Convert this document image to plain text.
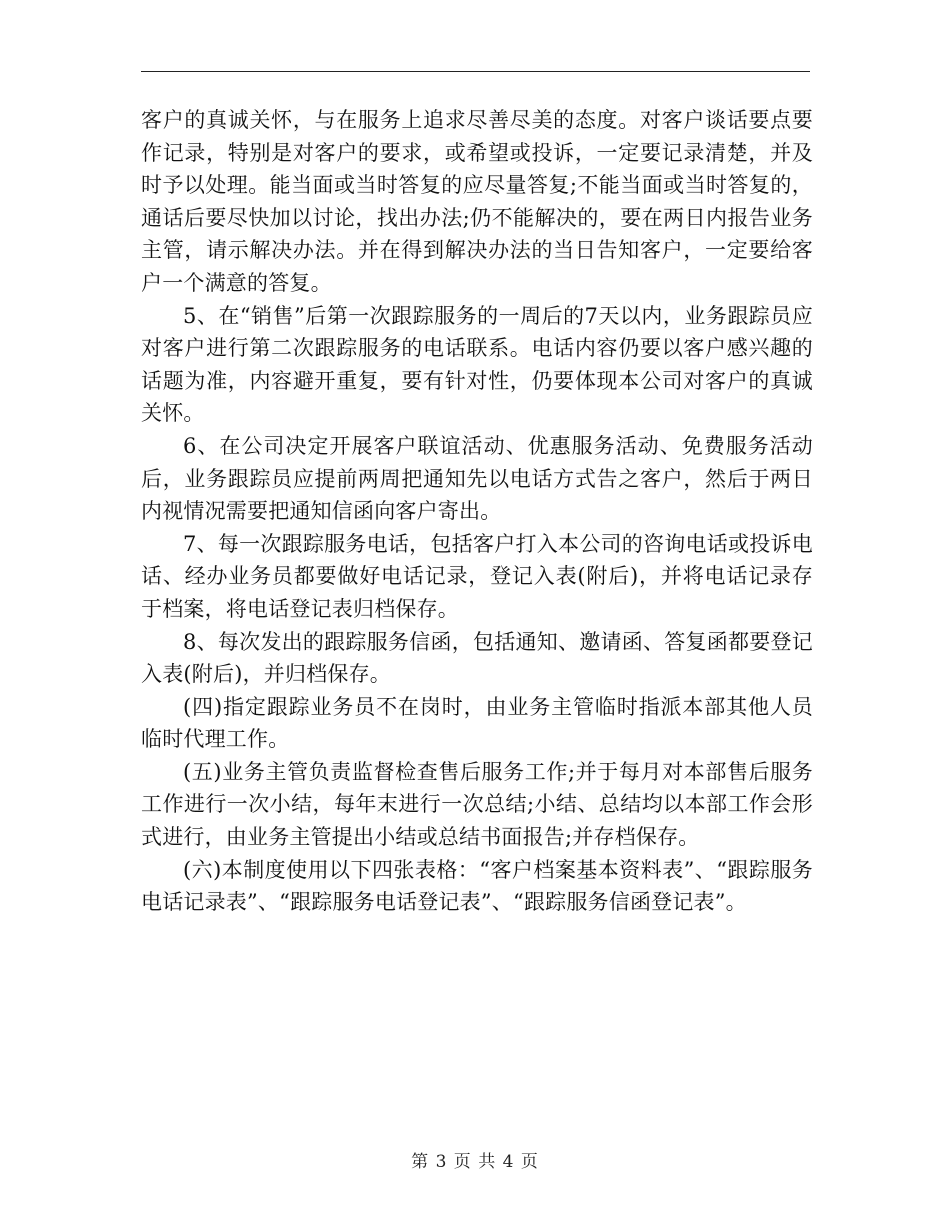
客户的真诚关怀，与在服务上追求尽善尽美的态度。对客户谈话要点要作记录，特别是对客户的要求，或希望或投诉，一定要记录清楚，并及时予以处理。能当面或当时答复的应尽量答复;不能当面或当时答复的，通话后要尽快加以讨论，找出办法;仍不能解决的，要在两日内报告业务主管，请示解决办法。并在得到解决办法的当日告知客户，一定要给客户一个满意的答复。

5、在“销售”后第一次跟踪服务的一周后的7天以内，业务跟踪员应对客户进行第二次跟踪服务的电话联系。电话内容仍要以客户感兴趣的话题为准，内容避开重复，要有针对性，仍要体现本公司对客户的真诚关怀。

6、在公司决定开展客户联谊活动、优惠服务活动、免费服务活动后，业务跟踪员应提前两周把通知先以电话方式告之客户，然后于两日内视情况需要把通知信函向客户寄出。

7、每一次跟踪服务电话，包括客户打入本公司的咨询电话或投诉电话、经办业务员都要做好电话记录，登记入表(附后)，并将电话记录存于档案，将电话登记表归档保存。

8、每次发出的跟踪服务信函，包括通知、邀请函、答复函都要登记入表(附后)，并归档保存。

(四)指定跟踪业务员不在岗时，由业务主管临时指派本部其他人员临时代理工作。

(五)业务主管负责监督检查售后服务工作;并于每月对本部售后服务工作进行一次小结，每年末进行一次总结;小结、总结均以本部工作会形式进行，由业务主管提出小结或总结书面报告;并存档保存。

(六)本制度使用以下四张表格：“客户档案基本资料表”、“跟踪服务电话记录表”、“跟踪服务电话登记表”、“跟踪服务信函登记表”。

第 3 页 共 4 页
